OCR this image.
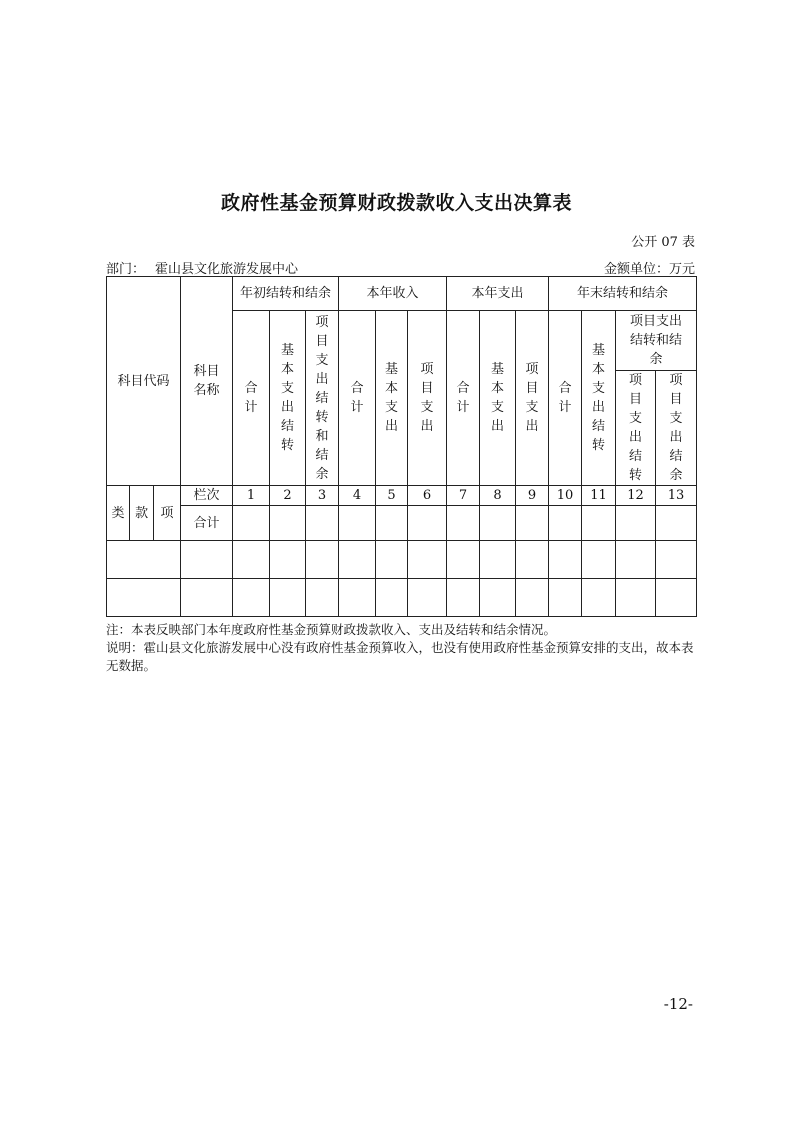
政府性基金预算财政拨款收入支出决算表
公开 07 表
部门： 霍山县文化旅游发展中心	金额单位：万元
科目代码	科目名称	年初结转和结余			本年收入			本年支出			年末结转和结余			
		合计	基本支出结转	项目支出结转和结余	合计	基本支出	项目支出	合计	基本支出	项目支出	合计	基本支出结转	项目支出结转和结余	
													项目支出结转	项目支出结余

类 款 项	栏次	1	2	3	4	5	6	7	8	9	10	11	12	13
	合计													

注：本表反映部门本年度政府性基金预算财政拨款收入、支出及结转和结余情况。

说明：霍山县文化旅游发展中心没有政府性基金预算收入，也没有使用政府性基金预算安排的支出，故本表无数据。

-12-
